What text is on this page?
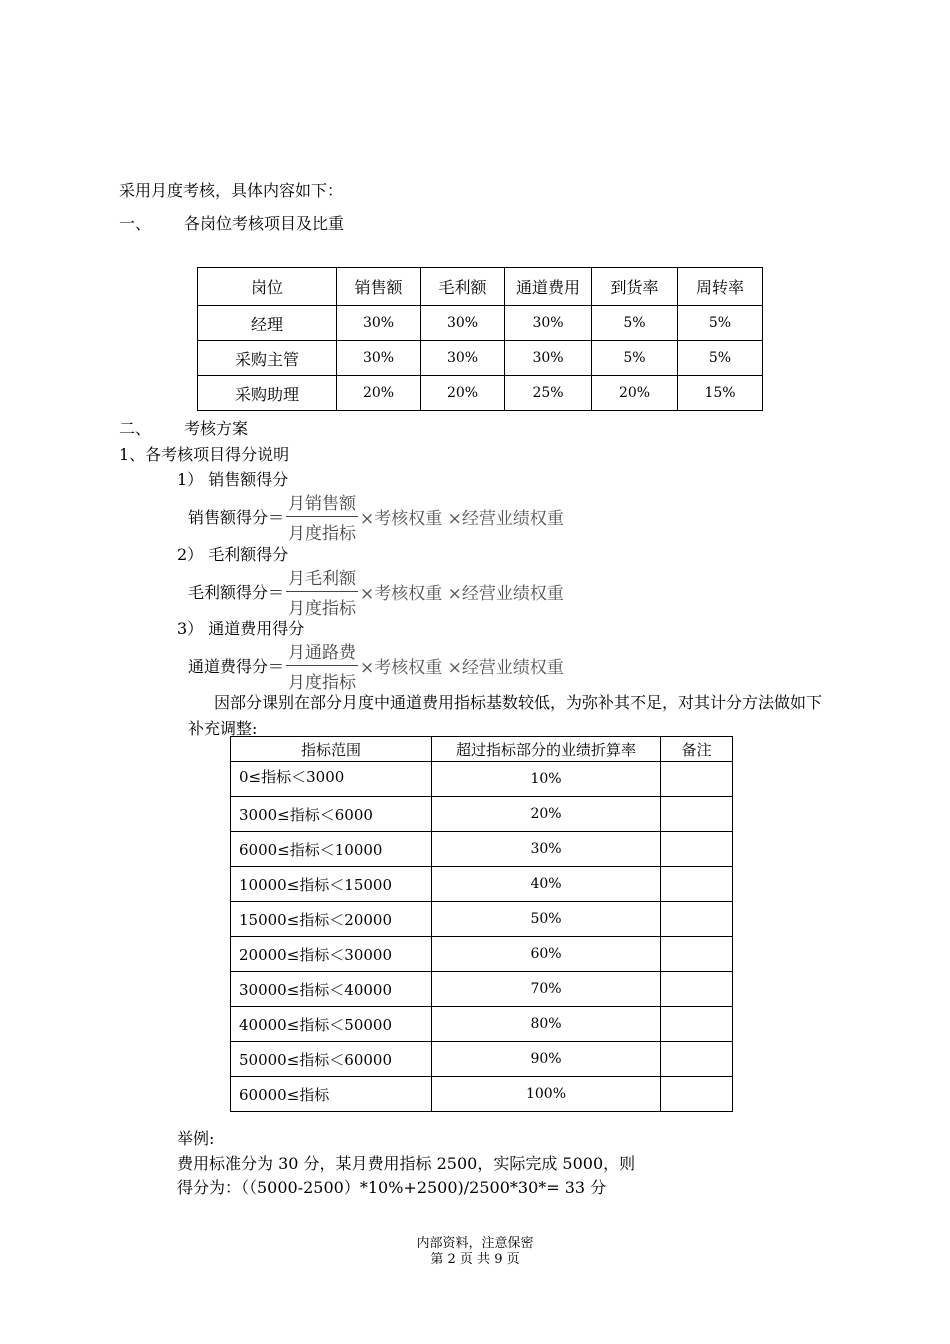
采用月度考核，具体内容如下：
一、 各岗位考核项目及比重
岗位	销售额	毛利额	通道费用	到货率	周转率
经理	30%	30%	30%	5%	5%
采购主管	30%	30%	30%	5%	5%
采购助理	20%	20%	25%	20%	15%
二、 考核方案
1、各考核项目得分说明
1） 销售额得分
销售额得分＝ $\frac{\text{月销售额}}{\text{月度指标}}$ ×考核权重 ×经营业绩权重
2） 毛利额得分
毛利额得分＝ $\frac{\text{月毛利额}}{\text{月度指标}}$ ×考核权重 ×经营业绩权重
3） 通道费用得分
通道费得分＝ $\frac{\text{月通路费}}{\text{月度指标}}$ ×考核权重 ×经营业绩权重
因部分课别在部分月度中通道费用指标基数较低，为弥补其不足，对其计分方法做如下
补充调整:
指标范围	超过指标部分的业绩折算率	备注
0≤指标＜3000	10%	
3000≤指标＜6000	20%	
6000≤指标＜10000	30%	
10000≤指标＜15000	40%	
15000≤指标＜20000	50%	
20000≤指标＜30000	60%	
30000≤指标＜40000	70%	
40000≤指标＜50000	80%	
50000≤指标＜60000	90%	
60000≤指标	100%	
举例:
费用标准分为 30 分，某月费用指标 2500，实际完成 5000，则
得分为：（（5000-2500）*10%+2500)/2500*30*= 33 分
内部资料，注意保密
第 2 页 共 9 页
